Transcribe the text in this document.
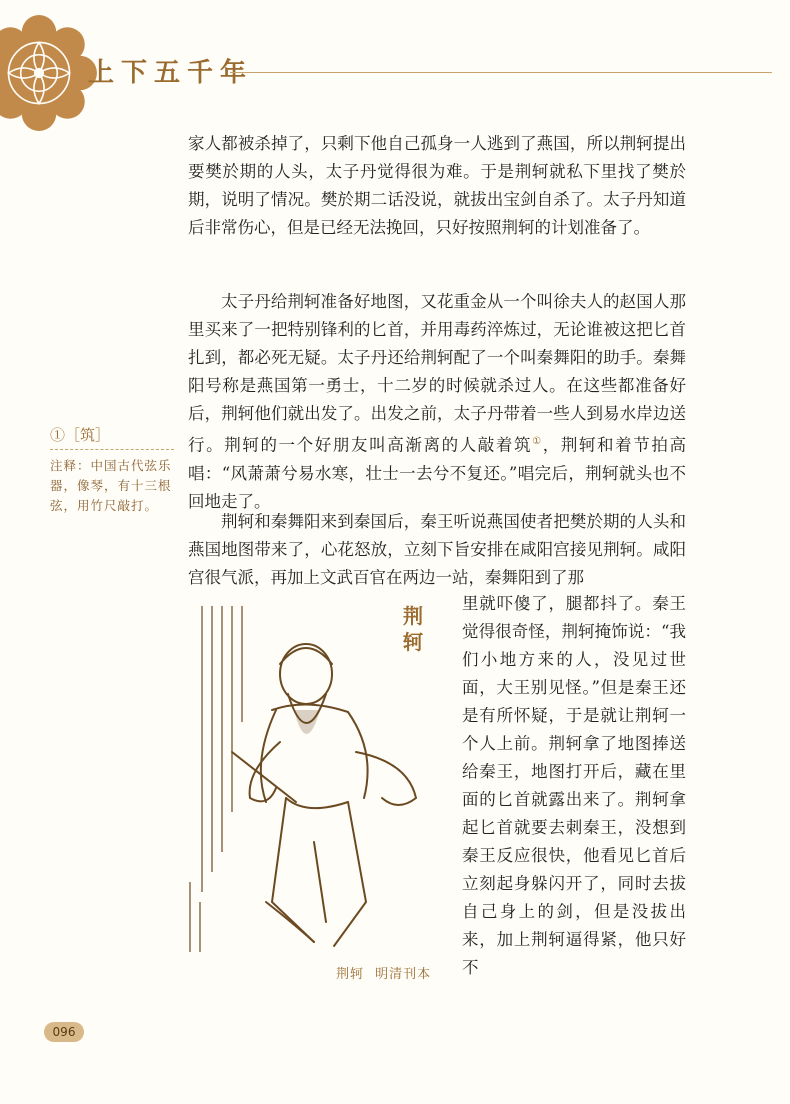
上下五千年

家人都被杀掉了，只剩下他自己孤身一人逃到了燕国，所以荆轲提出要樊於期的人头，太子丹觉得很为难。于是荆轲就私下里找了樊於期，说明了情况。樊於期二话没说，就拔出宝剑自杀了。太子丹知道后非常伤心，但是已经无法挽回，只好按照荆轲的计划准备了。

太子丹给荆轲准备好地图，又花重金从一个叫徐夫人的赵国人那里买来了一把特别锋利的匕首，并用毒药淬炼过，无论谁被这把匕首扎到，都必死无疑。太子丹还给荆轲配了一个叫秦舞阳的助手。秦舞阳号称是燕国第一勇士，十二岁的时候就杀过人。在这些都准备好后，荆轲他们就出发了。出发之前，太子丹带着一些人到易水岸边送行。荆轲的一个好朋友叫高渐离的人敲着筑①，荆轲和着节拍高唱：“风萧萧兮易水寒，壮士一去兮不复还。”唱完后，荆轲就头也不回地走了。

荆轲和秦舞阳来到秦国后，秦王听说燕国使者把樊於期的人头和燕国地图带来了，心花怒放，立刻下旨安排在咸阳宫接见荆轲。咸阳宫很气派，再加上文武百官在两边一站，秦舞阳到了那

里就吓傻了，腿都抖了。秦王觉得很奇怪，荆轲掩饰说：“我们小地方来的人，没见过世面，大王别见怪。”但是秦王还是有所怀疑，于是就让荆轲一个人上前。荆轲拿了地图捧送给秦王，地图打开后，藏在里面的匕首就露出来了。荆轲拿起匕首就要去刺秦王，没想到秦王反应很快，他看见匕首后立刻起身躲闪开了，同时去拔自己身上的剑，但是没拔出来，加上荆轲逼得紧，他只好不

①［筑］
注释：中国古代弦乐器，像琴，有十三根弦，用竹尺敲打。
荆轲
荆轲 明清刊本
096
